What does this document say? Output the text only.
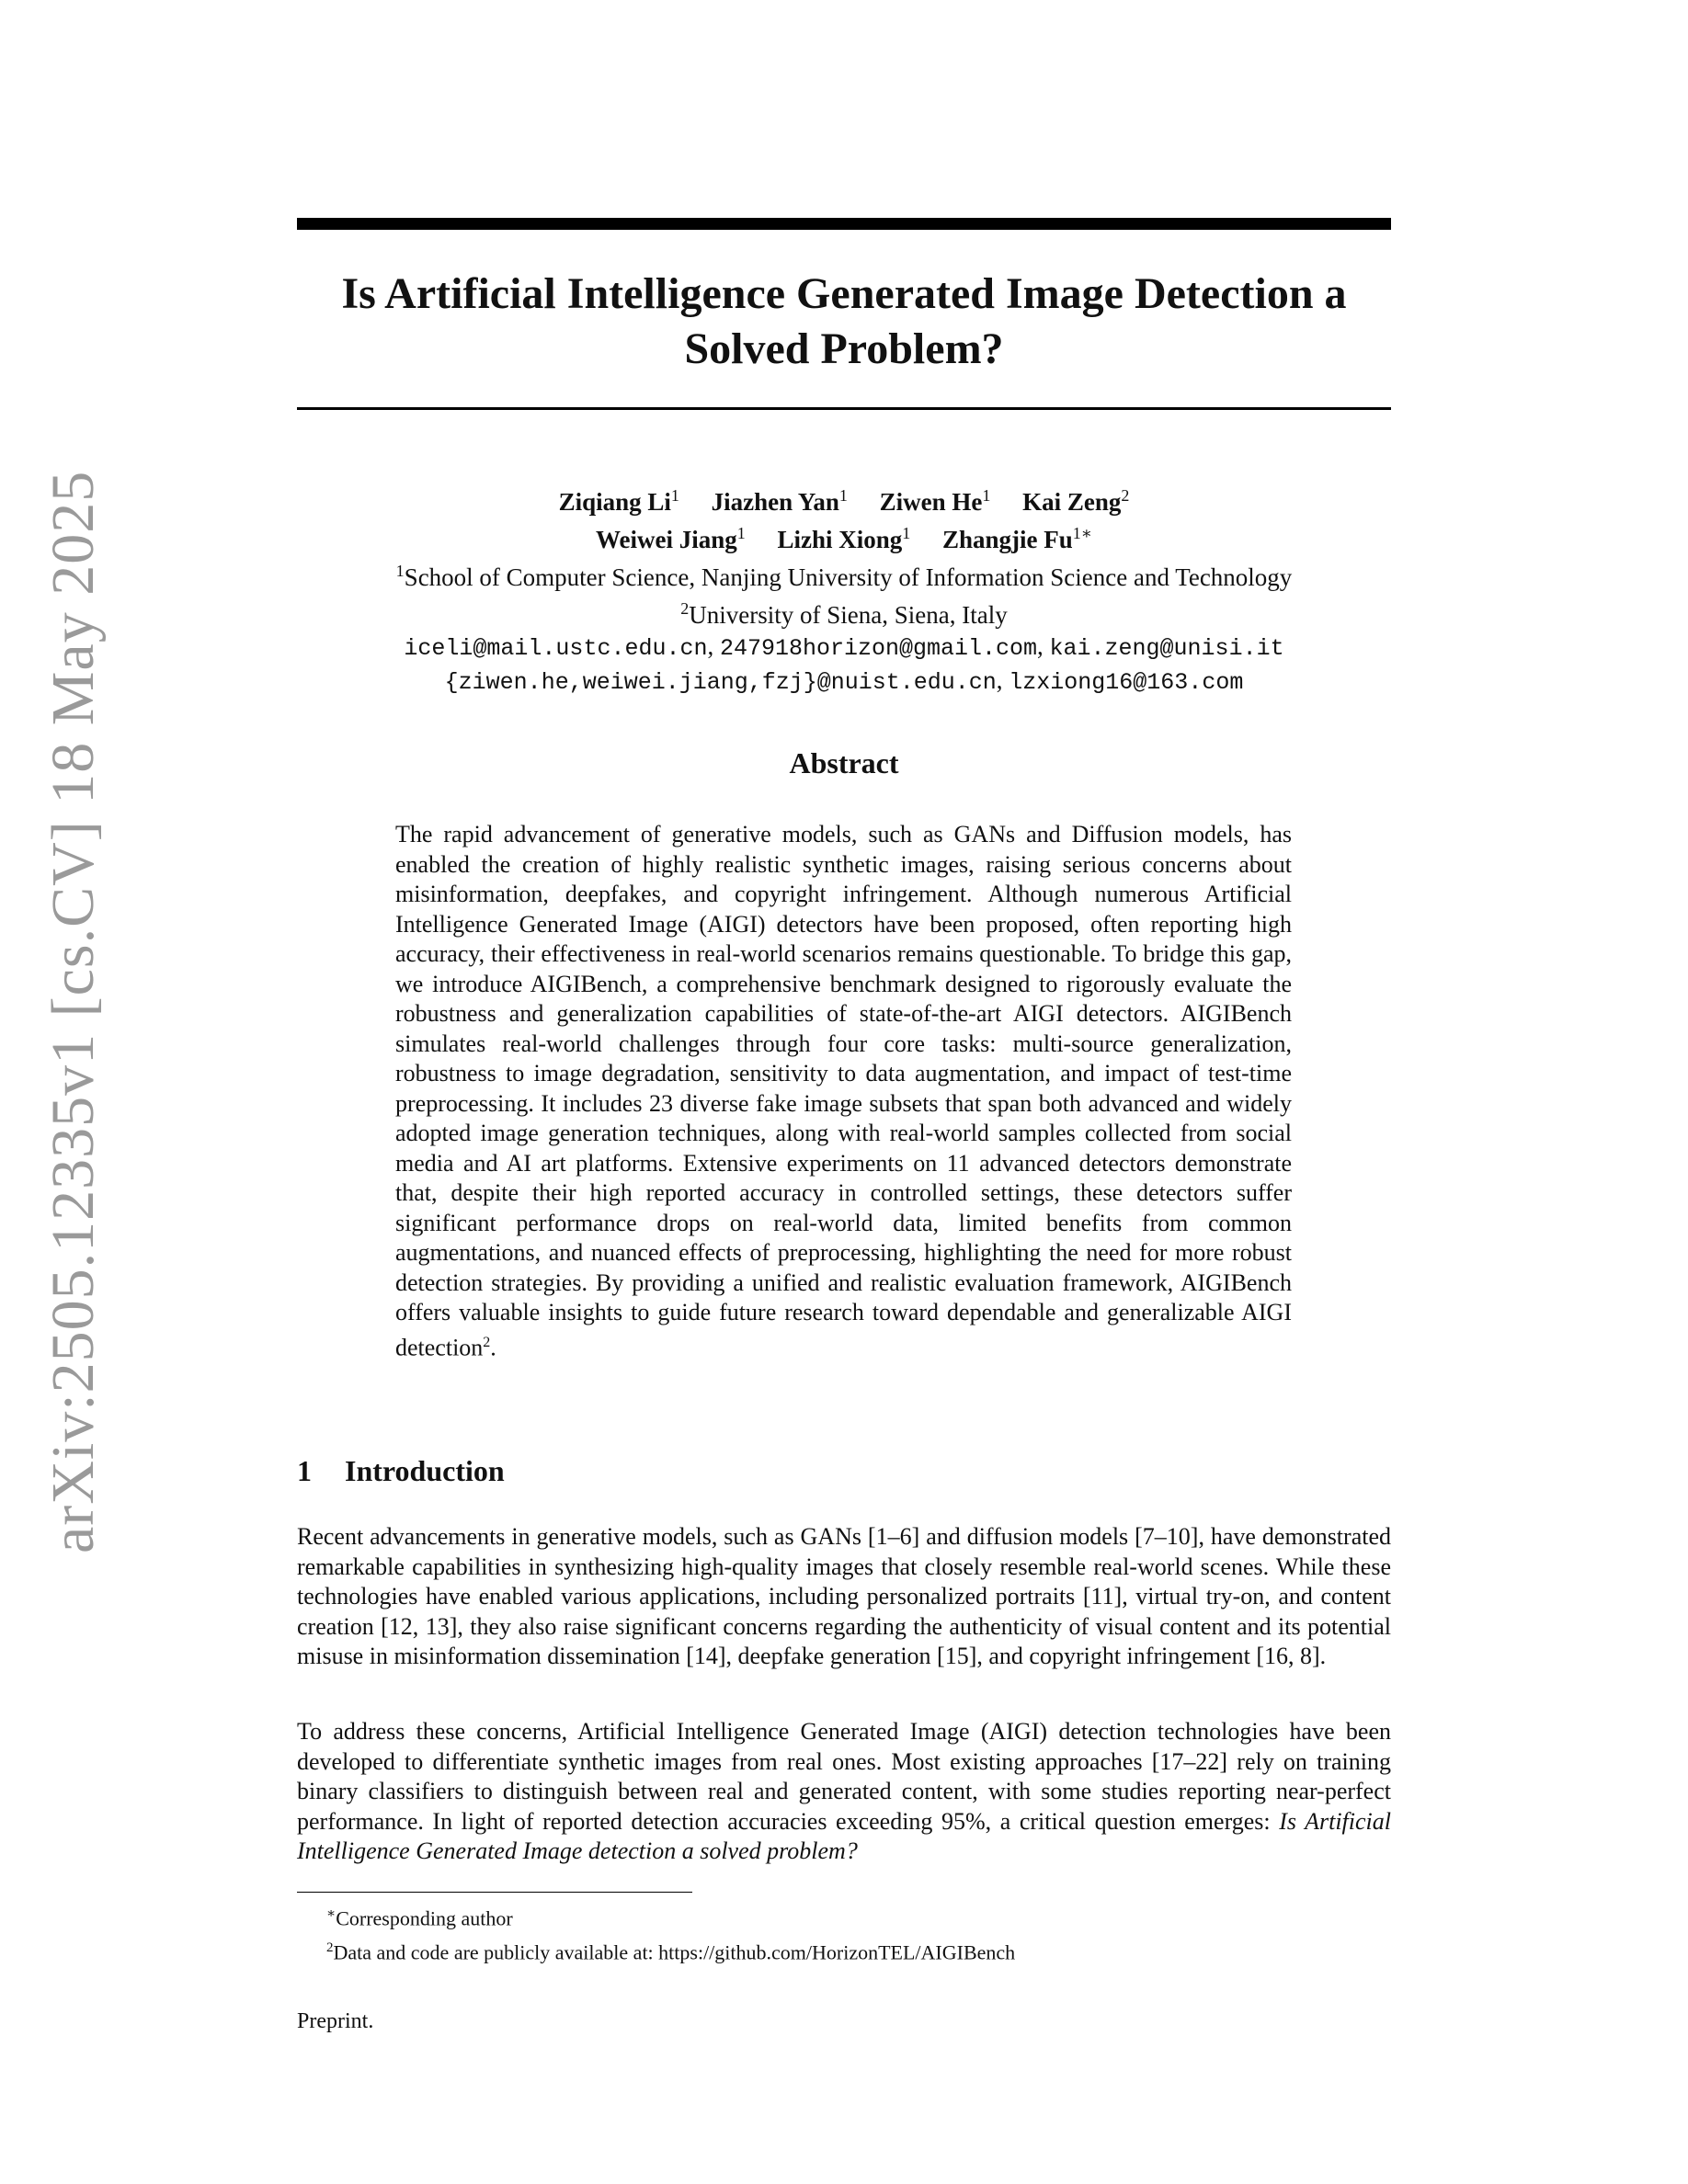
arXiv:2505.12335v1 [cs.CV] 18 May 2025
Is Artificial Intelligence Generated Image Detection a
Solved Problem?
Ziqiang Li$^1$ Jiazhen Yan$^1$ Ziwen He$^1$ Kai Zeng$^2$
Weiwei Jiang$^1$ Lizhi Xiong$^1$ Zhangjie $Fu^{1∗}$
$^1$School of Computer Science, Nanjing University of Information Science and Technology
$^2$University of Siena, Siena, Italy
iceli@mail.ustc.edu.cn, 247918horizon@gmail.com, kai.zeng@unisi.it
{ziwen.he,weiwei.jiang,fzj}@nuist.edu.cn, lzxiong16@163.com
Abstract
The rapid advancement of generative models, such as GANs and Diffusion models, has enabled the creation of highly realistic synthetic images, raising serious concerns about misinformation, deepfakes, and copyright infringement. Although numerous Artificial Intelligence Generated Image (AIGI) detectors have been proposed, often reporting high accuracy, their effectiveness in real-world scenarios remains questionable. To bridge this gap, we introduce AIGIBench, a comprehensive benchmark designed to rigorously evaluate the robustness and generalization capabilities of state-of-the-art AIGI detectors. AIGIBench simulates real-world challenges through four core tasks: multi-source generalization, robustness to image degradation, sensitivity to data augmentation, and impact of test-time preprocessing. It includes 23 diverse fake image subsets that span both advanced and widely adopted image generation techniques, along with real-world samples collected from social media and AI art platforms. Extensive experiments on 11 advanced detectors demonstrate that, despite their high reported accuracy in controlled settings, these detectors suffer significant performance drops on real-world data, limited benefits from common augmentations, and nuanced effects of preprocessing, highlighting the need for more robust detection strategies. By providing a unified and realistic evaluation framework, AIGIBench offers valuable insights to guide future research toward dependable and generalizable AIGI detection$^2$.
1 Introduction
Recent advancements in generative models, such as GANs [1–6] and diffusion models [7–10], have demonstrated remarkable capabilities in synthesizing high-quality images that closely resemble real-world scenes. While these technologies have enabled various applications, including personalized portraits [11], virtual try-on, and content creation [12, 13], they also raise significant concerns regarding the authenticity of visual content and its potential misuse in misinformation dissemination [14], deepfake generation [15], and copyright infringement [16, 8].
To address these concerns, Artificial Intelligence Generated Image (AIGI) detection technologies have been developed to differentiate synthetic images from real ones. Most existing approaches [17–22] rely on training binary classifiers to distinguish between real and generated content, with some studies reporting near-perfect performance. In light of reported detection accuracies exceeding 95%, a critical question emerges: Is Artificial Intelligence Generated Image detection a solved problem?
∗Corresponding author
$^2$Data and code are publicly available at: https://github.com/HorizonTEL/AIGIBench
Preprint.
